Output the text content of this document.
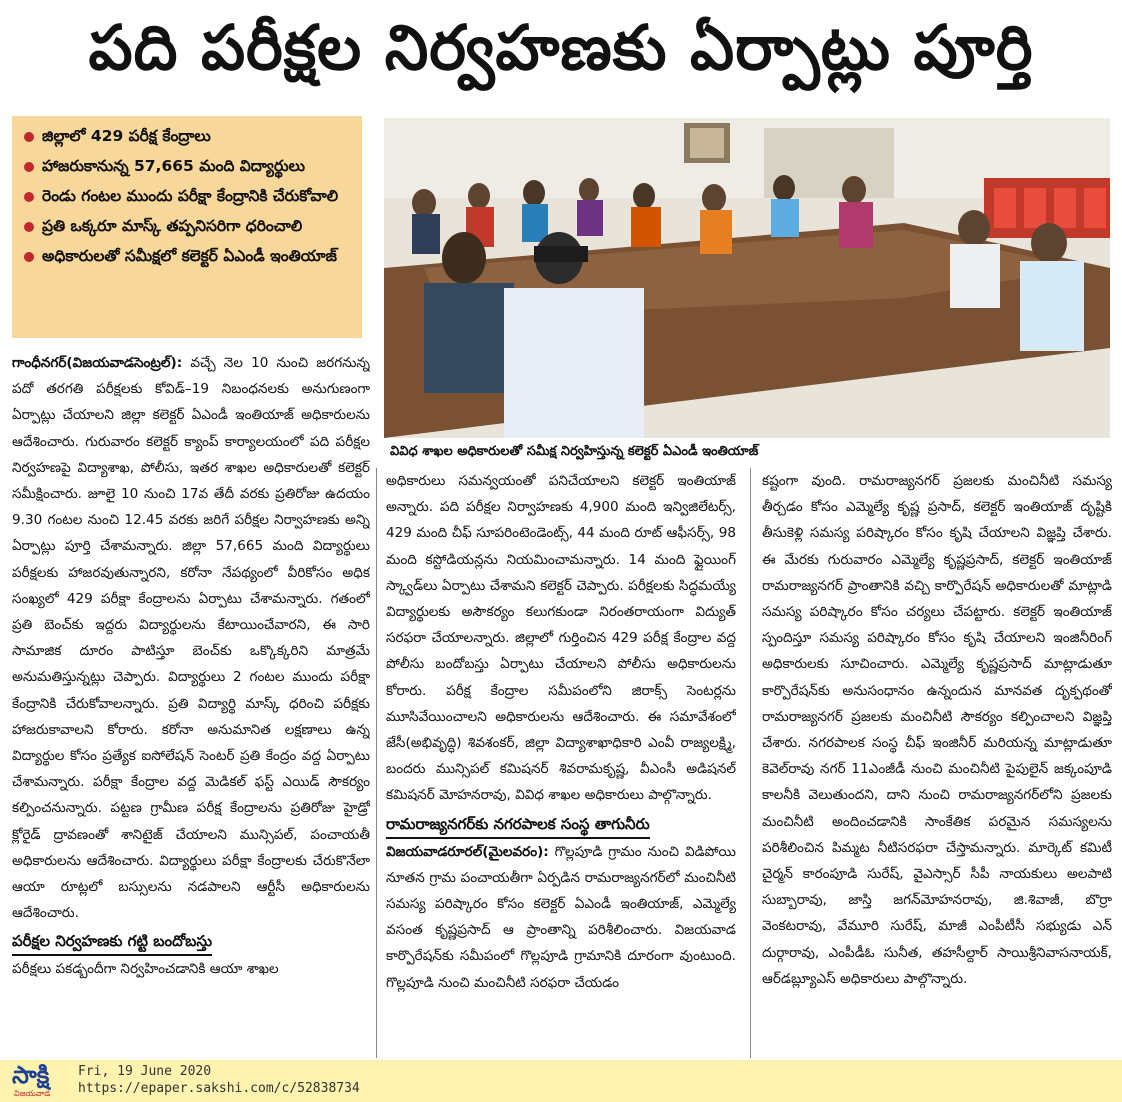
పది పరీక్షల నిర్వహణకు ఏర్పాట్లు పూర్తి
జిల్లాలో 429 పరీక్ష కేంద్రాలు
హాజరుకానున్న 57,665 మంది విద్యార్థులు
రెండు గంటల ముందు పరీక్షా కేంద్రానికి చేరుకోవాలి
ప్రతి ఒక్కరూ మాస్క్ తప్పనిసరిగా ధరించాలి
అధికారులతో సమీక్షలో కలెక్టర్ ఏఎండీ ఇంతియాజ్
వివిధ శాఖల అధికారులతో సమీక్ష నిర్వహిస్తున్న కలెక్టర్ ఏఎండీ ఇంతియాజ్

గాంధీనగర్(విజయవాడసెంట్రల్): వచ్చే నెల 10 నుంచి జరగనున్న పదో తరగతి పరీక్షలకు కోవిడ్–19 నిబంధనలకు అనుగుణంగా ఏర్పాట్లు చేయాలని జిల్లా కలెక్టర్ ఏఎండీ ఇంతియాజ్ అధికారులను ఆదేశించారు. గురువారం కలెక్టర్ క్యాంప్ కార్యాలయంలో పది పరీక్షల నిర్వహణపై విద్యాశాఖ, పోలీసు, ఇతర శాఖల అధికారులతో కలెక్టర్ సమీక్షించారు. జూలై 10 నుంచి 17వ తేదీ వరకు ప్రతిరోజు ఉదయం 9.30 గంటల నుంచి 12.45 వరకు జరిగే పరీక్షల నిర్వాహణకు అన్ని ఏర్పాట్లు పూర్తి చేశామన్నారు. జిల్లా 57,665 మంది విద్యార్థులు పరీక్షలకు హాజరవుతున్నారని, కరోనా నేపథ్యంలో వీరికోసం అధిక సంఖ్యలో 429 పరీక్షా కేంద్రాలను ఏర్పాటు చేశామన్నారు. గతంలో ప్రతి బెంచ్‌కు ఇద్దరు విద్యార్థులను కేటాయించేవారని, ఈ సారి సామాజిక దూరం పాటిస్తూ బెంచ్‌కు ఒక్కొక్కరిని మాత్రమే అనుమతిస్తున్నట్లు చెప్పారు. విద్యార్థులు 2 గంటల ముందు పరీక్షా కేంద్రానికి చేరుకోవాలన్నారు. ప్రతి విద్యార్థి మాస్క్ ధరించి పరీక్షకు హాజరుకావాలని కోరారు. కరోనా అనుమానిత లక్షణాలు ఉన్న విద్యార్థుల కోసం ప్రత్యేక ఐసోలేషన్ సెంటర్ ప్రతి కేంద్రం వద్ద ఏర్పాటు చేశామన్నారు. పరీక్షా కేంద్రాల వద్ద మెడికల్ ఫస్ట్ ఎయిడ్ సౌకర్యం కల్పించనున్నారు. పట్టణ గ్రామీణ పరీక్ష కేంద్రాలను ప్రతిరోజు హైడ్రో క్లోరైడ్ ద్రావణంతో శానిటైజ్ చేయాలని మున్సిపల్, పంచాయతీ అధికారులను ఆదేశించారు. విద్యార్థులు పరీక్షా కేంద్రాలకు చేరుకొనేలా ఆయా రూట్లలో బస్సులను నడపాలని ఆర్టీసీ అధికారులను ఆదేశించారు.

పరీక్షల నిర్వహణకు గట్టి బందోబస్తు

పరీక్షలు పకడ్బందీగా నిర్వహించడానికి ఆయా శాఖల

అధికారులు సమన్వయంతో పనిచేయాలని కలెక్టర్ ఇంతియాజ్ అన్నారు. పది పరీక్షల నిర్వాహణకు 4,900 మంది ఇన్విజిలేటర్స్, 429 మంది చీఫ్ సూపరింటెండెంట్స్, 44 మంది రూట్ ఆఫీసర్స్, 98 మంది కస్టోడియన్లను నియమించామన్నారు. 14 మంది ఫ్లైయింగ్ స్క్వాడ్‌లు ఏర్పాటు చేశామని కలెక్టర్ చెప్పారు. పరీక్షలకు సిద్ధమయ్యే విద్యార్థులకు అసౌకర్యం కలుగకుండా నిరంతరాయంగా విద్యుత్ సరఫరా చేయాలన్నారు. జిల్లాలో గుర్తించిన 429 పరీక్ష కేంద్రాల వద్ద పోలీసు బందోబస్తు ఏర్పాటు చేయాలని పోలీసు అధికారులను కోరారు. పరీక్ష కేంద్రాల సమీపంలోని జిరాక్స్ సెంటర్లను మూసివేయించాలని అధికారులను ఆదేశించారు. ఈ సమావేశంలో జేసీ(అభివృద్ధి) శివశంకర్, జిల్లా విద్యాశాఖాధికారి ఎంవీ రాజ్యలక్ష్మి, బందరు మున్సిపల్ కమిషనర్ శివరామకృష్ణ, వీఎంసీ అడిషనల్ కమిషనర్ మోహనరావు, వివిధ శాఖల అధికారులు పాల్గొన్నారు.

రామరాజ్యనగర్‌కు నగరపాలక సంస్థ తాగునీరు

విజయవాడరూరల్(మైలవరం): గొల్లపూడి గ్రామం నుంచి విడిపోయి నూతన గ్రామ పంచాయతీగా ఏర్పడిన రామరాజ్యనగర్‌లో మంచినీటి సమస్య పరిష్కారం కోసం కలెక్టర్ ఏఎండీ ఇంతియాజ్, ఎమ్మెల్యే వసంత కృష్ణప్రసాద్ ఆ ప్రాంతాన్ని పరిశీలించారు. విజయవాడ కార్పొరేషన్‌కు సమీపంలో గొల్లపూడి గ్రామానికి దూరంగా వుంటుంది. గొల్లపూడి నుంచి మంచినీటి సరఫరా చేయడం

కష్టంగా వుంది. రామరాజ్యనగర్ ప్రజలకు మంచినీటి సమస్య తీర్చడం కోసం ఎమ్మెల్యే కృష్ణ ప్రసాద్, కలెక్టర్ ఇంతియాజ్ దృష్టికి తీసుకెళ్లి సమస్య పరిష్కారం కోసం కృషి చేయాలని విజ్ఞప్తి చేశారు. ఈ మేరకు గురువారం ఎమ్మెల్యే కృష్ణప్రసాద్, కలెక్టర్ ఇంతియాజ్ రామరాజ్యనగర్ ప్రాంతానికి వచ్చి కార్పొరేషన్ అధికారులతో మాట్లాడి సమస్య పరిష్కారం కోసం చర్యలు చేపట్టారు. కలెక్టర్ ఇంతియాజ్ స్పందిస్తూ సమస్య పరిష్కారం కోసం కృషి చేయాలని ఇంజినీరింగ్ అధికారులకు సూచించారు. ఎమ్మెల్యే కృష్ణప్రసాద్ మాట్లాడుతూ కార్పొరేషన్‌కు అనుసంధానం ఉన్నందున మానవత దృక్పథంతో రామరాజ్యనగర్ ప్రజలకు మంచినీటి సౌకర్యం కల్పించాలని విజ్ఞప్తి చేశారు. నగరపాలక సంస్థ చీఫ్ ఇంజినీర్ మరియన్న మాట్లాడుతూ కెవెల్‌రావు నగర్ 11ఎంజీడీ నుంచి మంచినీటి పైపులైన్ జక్కంపూడి కాలనీకి వెలుతుందని, దాని నుంచి రామరాజ్యనగర్‌లోని ప్రజలకు మంచినీటి అందించడానికి సాంకేతిక పరమైన సమస్యలను పరిశీలించిన పిమ్మట నీటిసరఫరా చేస్తామన్నారు. మార్కెట్ కమిటీ చైర్మన్ కారంపూడి సురేష్, వైఎస్సార్ సీపీ నాయకులు అలపాటి సుబ్బారావు, జాస్తి జగన్‌మోహనరావు, జి.శివాజీ, బొర్రా వెంకటరావు, వేమూరి సురేష్, మాజీ ఎంపీటీసీ సభ్యుడు ఎన్ దుర్గారావు, ఎంపీడీఓ సునీత, తహసీల్దార్ సాయిశ్రీనివాసనాయక్, ఆర్‌డబ్ల్యూఎస్ అధికారులు పాల్గొన్నారు.

సాక్షి
విజయవాడ
Fri, 19 June 2020
https://epaper.sakshi.com/c/52838734
